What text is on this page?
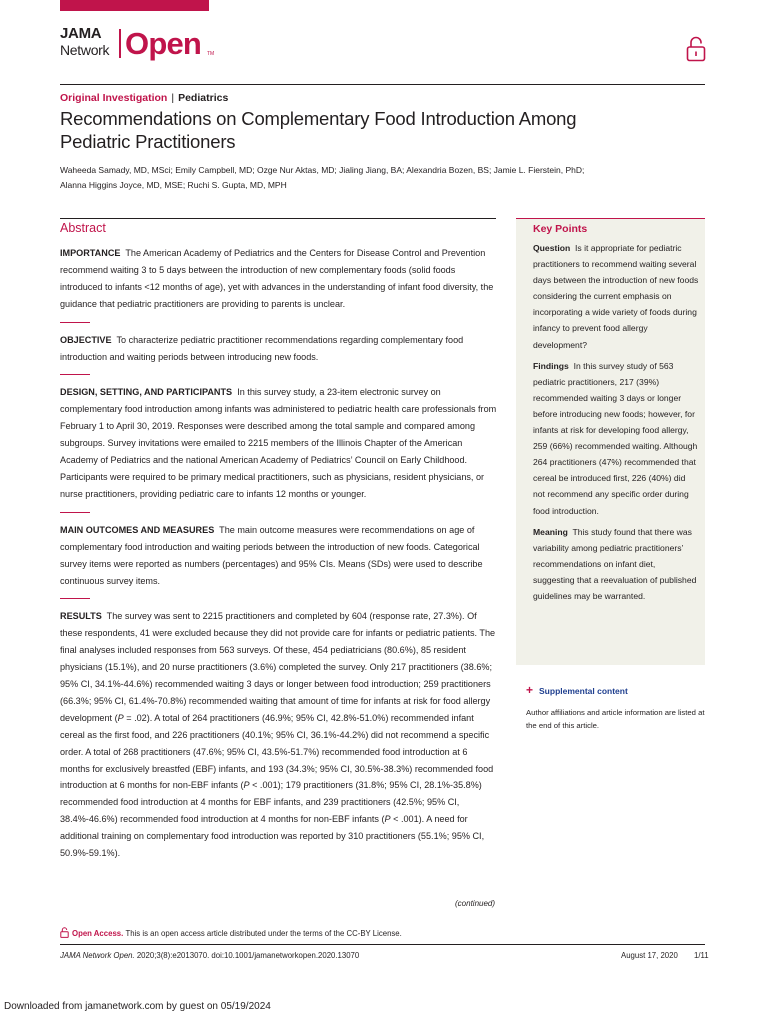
JAMA
Network Open TM
Original Investigation | Pediatrics
Recommendations on Complementary Food Introduction Among Pediatric Practitioners
Waheeda Samady, MD, MSci; Emily Campbell, MD; Ozge Nur Aktas, MD; Jialing Jiang, BA; Alexandria Bozen, BS; Jamie L. Fierstein, PhD;
Alanna Higgins Joyce, MD, MSE; Ruchi S. Gupta, MD, MPH
Abstract

IMPORTANCE The American Academy of Pediatrics and the Centers for Disease Control and Prevention recommend waiting 3 to 5 days between the introduction of new complementary foods (solid foods introduced to infants <12 months of age), yet with advances in the understanding of infant food diversity, the guidance that pediatric practitioners are providing to parents is unclear.

OBJECTIVE To characterize pediatric practitioner recommendations regarding complementary food introduction and waiting periods between introducing new foods.

DESIGN, SETTING, AND PARTICIPANTS In this survey study, a 23-item electronic survey on complementary food introduction among infants was administered to pediatric health care professionals from February 1 to April 30, 2019. Responses were described among the total sample and compared among subgroups. Survey invitations were emailed to 2215 members of the Illinois Chapter of the American Academy of Pediatrics and the national American Academy of Pediatrics’ Council on Early Childhood. Participants were required to be primary medical practitioners, such as physicians, resident physicians, or nurse practitioners, providing pediatric care to infants 12 months or younger.

MAIN OUTCOMES AND MEASURES The main outcome measures were recommendations on age of complementary food introduction and waiting periods between the introduction of new foods. Categorical survey items were reported as numbers (percentages) and 95% CIs. Means (SDs) were used to describe continuous survey items.

RESULTS The survey was sent to 2215 practitioners and completed by 604 (response rate, 27.3%). Of these respondents, 41 were excluded because they did not provide care for infants or pediatric patients. The final analyses included responses from 563 surveys. Of these, 454 pediatricians (80.6%), 85 resident physicians (15.1%), and 20 nurse practitioners (3.6%) completed the survey. Only 217 practitioners (38.6%; 95% CI, 34.1%-44.6%) recommended waiting 3 days or longer between food introduction; 259 practitioners (66.3%; 95% CI, 61.4%-70.8%) recommended waiting that amount of time for infants at risk for food allergy development (P = .02). A total of 264 practitioners (46.9%; 95% CI, 42.8%-51.0%) recommended infant cereal as the first food, and 226 practitioners (40.1%; 95% CI, 36.1%-44.2%) did not recommend a specific order. A total of 268 practitioners (47.6%; 95% CI, 43.5%-51.7%) recommended food introduction at 6 months for exclusively breastfed (EBF) infants, and 193 (34.3%; 95% CI, 30.5%-38.3%) recommended food introduction at 6 months for non-EBF infants (P < .001); 179 practitioners (31.8%; 95% CI, 28.1%-35.8%) recommended food introduction at 4 months for EBF infants, and 239 practitioners (42.5%; 95% CI, 38.4%-46.6%) recommended food introduction at 4 months for non-EBF infants (P < .001). A need for additional training on complementary food introduction was reported by 310 practitioners (55.1%; 95% CI, 50.9%-59.1%).

(continued)
Key Points

Question Is it appropriate for pediatric practitioners to recommend waiting several days between the introduction of new foods considering the current emphasis on incorporating a wide variety of foods during infancy to prevent food allergy development?

Findings In this survey study of 563 pediatric practitioners, 217 (39%) recommended waiting 3 days or longer before introducing new foods; however, for infants at risk for developing food allergy, 259 (66%) recommended waiting. Although 264 practitioners (47%) recommended that cereal be introduced first, 226 (40%) did not recommend any specific order during food introduction.

Meaning This study found that there was variability among pediatric practitioners’ recommendations on infant diet, suggesting that a reevaluation of published guidelines may be warranted.

+ Supplemental content
Author affiliations and article information are listed at the end of this article.
Open Access. This is an open access article distributed under the terms of the CC-BY License.
JAMA Network Open. 2020;3(8):e2013070. doi:10.1001/jamanetworkopen.2020.13070	August 17, 2020 1/11
Downloaded from jamanetwork.com by guest on 05/19/2024
